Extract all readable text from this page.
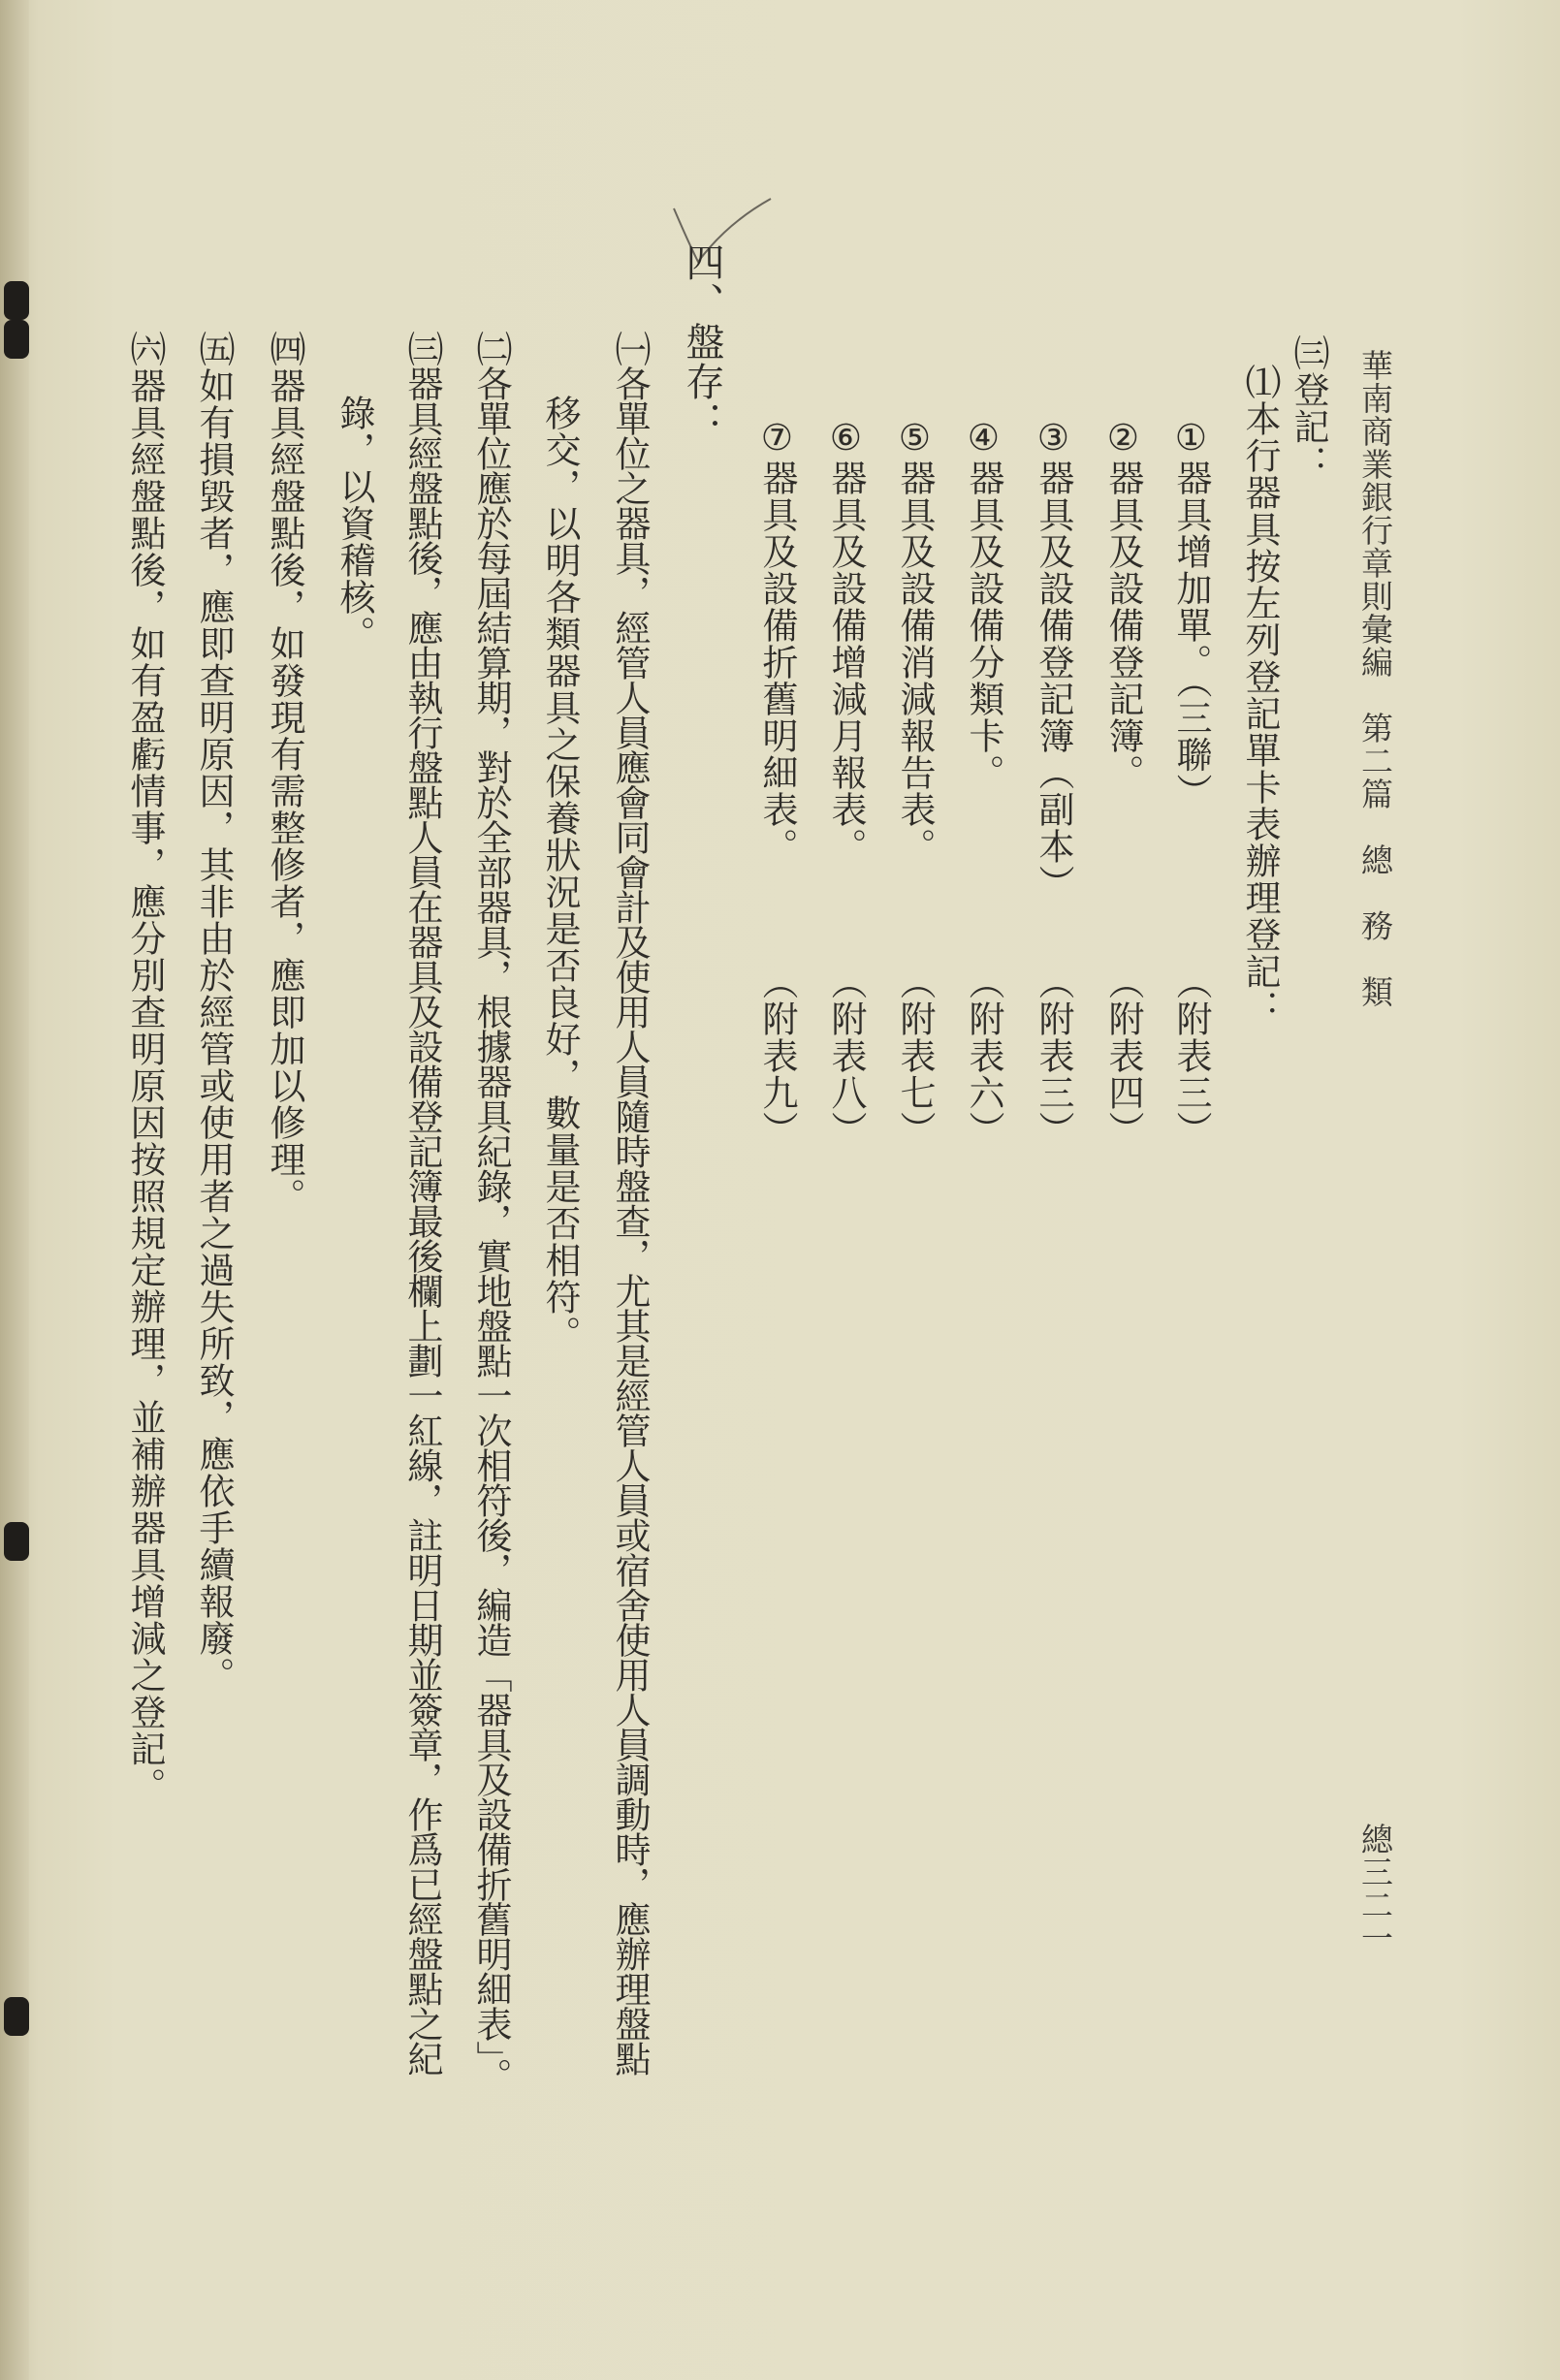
華南商業銀行章則彙編　第二篇　總　務　類
總三二一
㈢登記：
⑴本行器具按左列登記單卡表辦理登記：
①器具增加單。（三聯）
（附表三）
②器具及設備登記簿。
（附表四）
③器具及設備登記簿（副本）
（附表三）
④器具及設備分類卡。
（附表六）
⑤器具及設備消減報告表。
（附表七）
⑥器具及設備增減月報表。
（附表八）
⑦器具及設備折舊明細表。
（附表九）
四、盤存：
㈠各單位之器具，經管人員應會同會計及使用人員隨時盤查，尤其是經管人員或宿舍使用人員調動時，應辦理盤點
移交，以明各類器具之保養狀況是否良好，數量是否相符。
㈡各單位應於每屆結算期，對於全部器具，根據器具紀錄，實地盤點一次相符後，編造「器具及設備折舊明細表」。
㈢器具經盤點後，應由執行盤點人員在器具及設備登記簿最後欄上劃一紅線，註明日期並簽章，作爲已經盤點之紀
錄，以資稽核。
㈣器具經盤點後，如發現有需整修者，應即加以修理。
㈤如有損毀者，應即查明原因，其非由於經管或使用者之過失所致，應依手續報廢。
㈥器具經盤點後，如有盈虧情事，應分別查明原因按照規定辦理，並補辦器具增減之登記。
